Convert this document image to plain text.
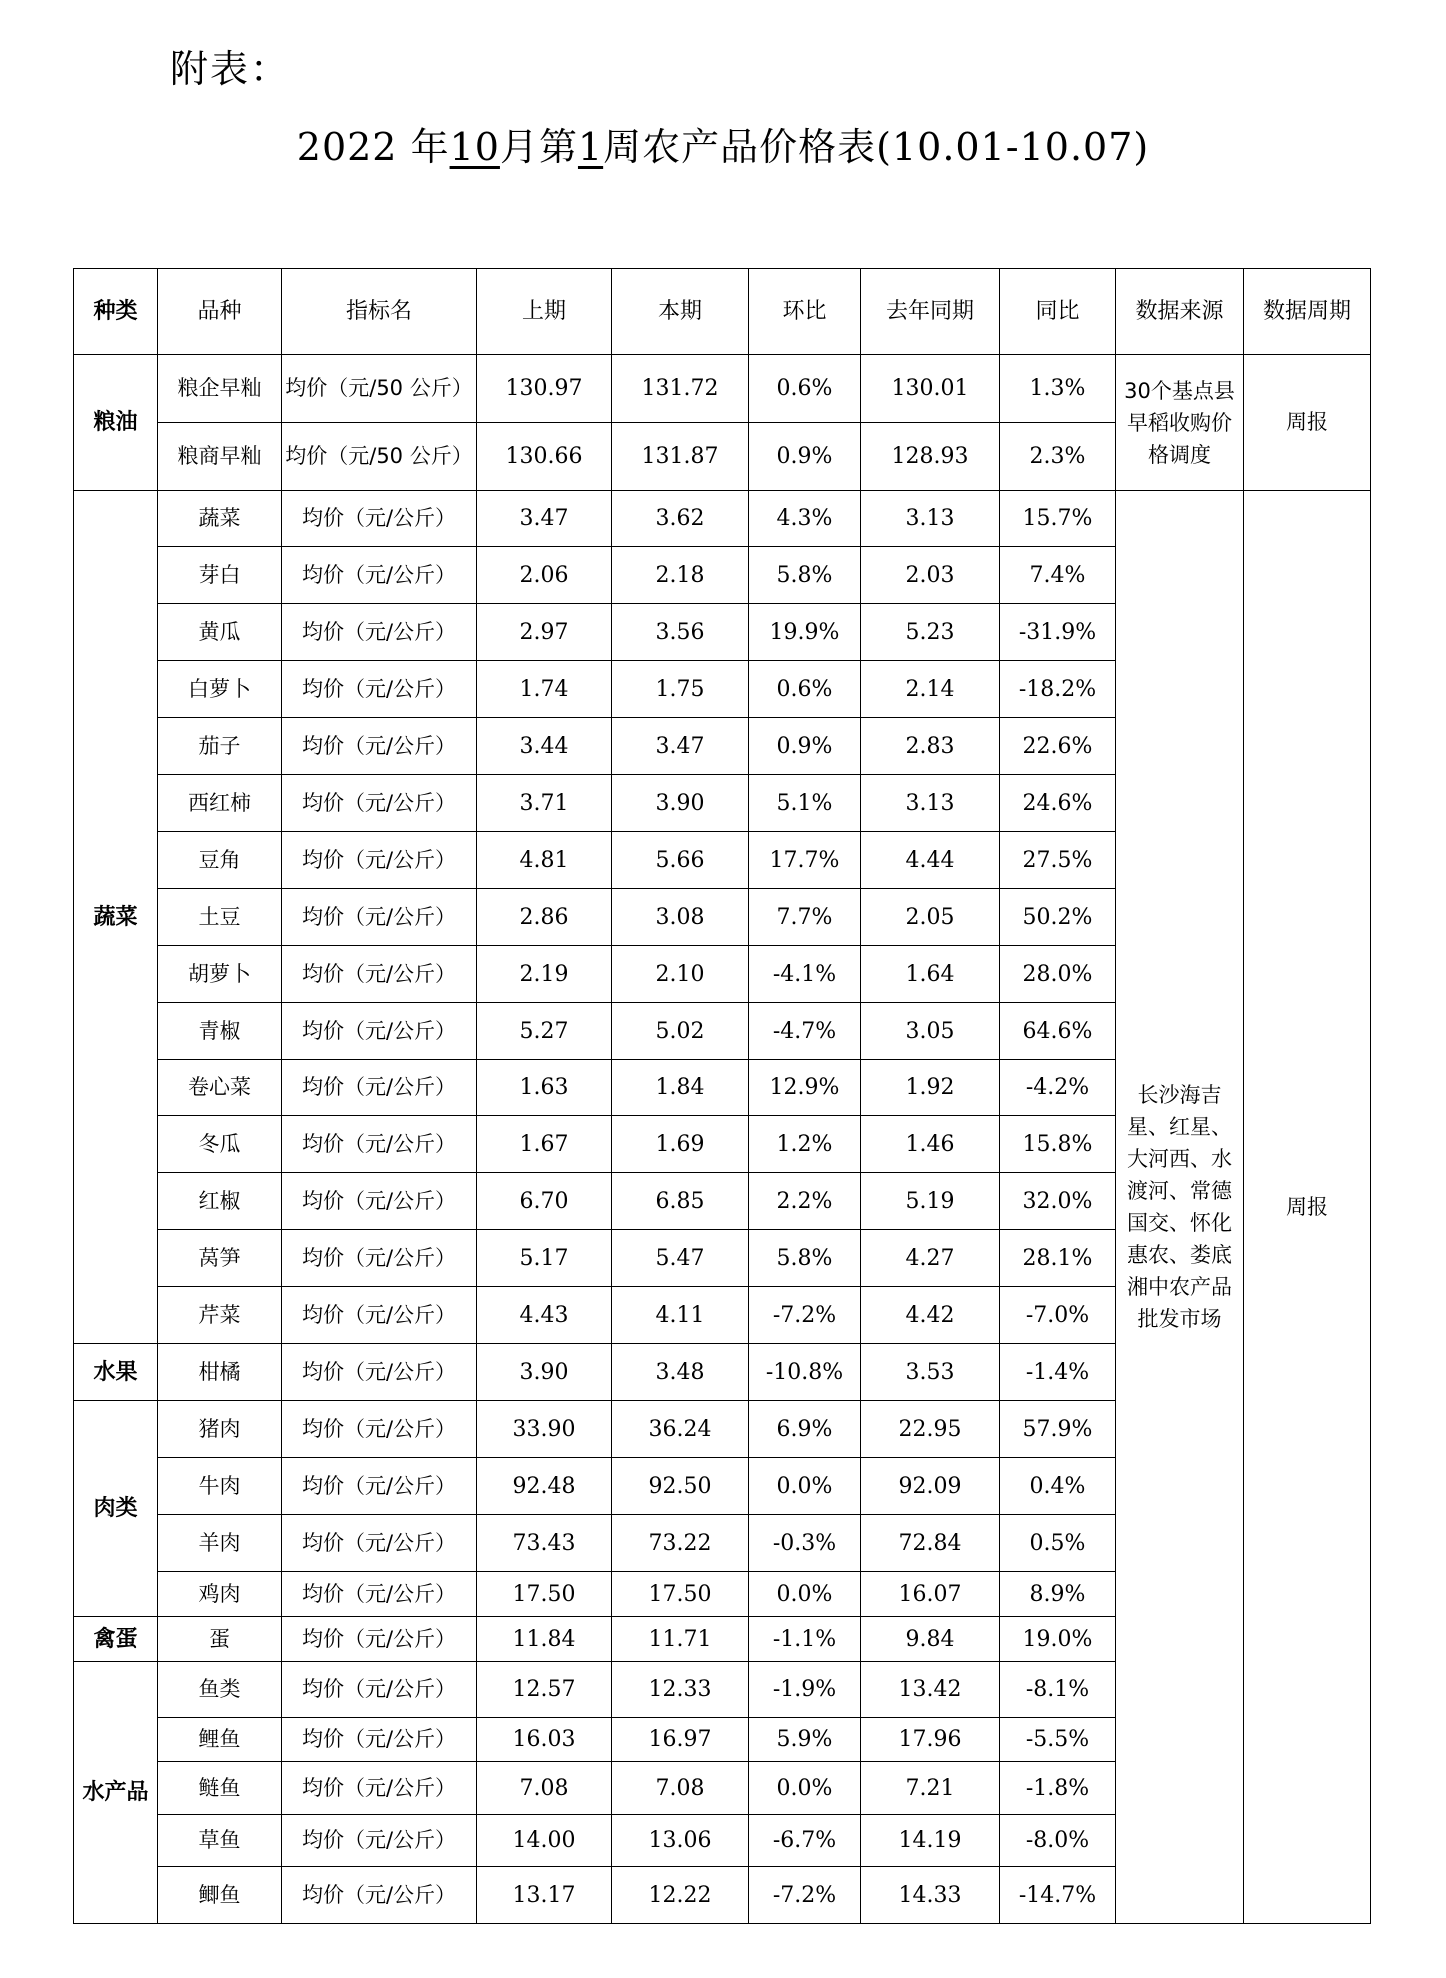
附表：
2022 年10月第1周农产品价格表(10.01-10.07)
种类	品种	指标名	上期	本期	环比	去年同期	同比	数据来源	数据周期
粮油	粮企早籼	均价（元/50 公斤）	130.97	131.72	0.6%	130.01	1.3%	30个基点县早稻收购价格调度	周报
	粮商早籼	均价（元/50 公斤）	130.66	131.87	0.9%	128.93	2.3%		
蔬菜	蔬菜	均价（元/公斤）	3.47	3.62	4.3%	3.13	15.7%	长沙海吉星、红星、大河西、水渡河、常德国交、怀化惠农、娄底湘中农产品批发市场	周报
	芽白	均价（元/公斤）	2.06	2.18	5.8%	2.03	7.4%		
	黄瓜	均价（元/公斤）	2.97	3.56	19.9%	5.23	-31.9%		
	白萝卜	均价（元/公斤）	1.74	1.75	0.6%	2.14	-18.2%		
	茄子	均价（元/公斤）	3.44	3.47	0.9%	2.83	22.6%		
	西红柿	均价（元/公斤）	3.71	3.90	5.1%	3.13	24.6%		
	豆角	均价（元/公斤）	4.81	5.66	17.7%	4.44	27.5%		
	土豆	均价（元/公斤）	2.86	3.08	7.7%	2.05	50.2%		
	胡萝卜	均价（元/公斤）	2.19	2.10	-4.1%	1.64	28.0%		
	青椒	均价（元/公斤）	5.27	5.02	-4.7%	3.05	64.6%		
	卷心菜	均价（元/公斤）	1.63	1.84	12.9%	1.92	-4.2%		
	冬瓜	均价（元/公斤）	1.67	1.69	1.2%	1.46	15.8%		
	红椒	均价（元/公斤）	6.70	6.85	2.2%	5.19	32.0%		
	莴笋	均价（元/公斤）	5.17	5.47	5.8%	4.27	28.1%		
	芹菜	均价（元/公斤）	4.43	4.11	-7.2%	4.42	-7.0%		
水果	柑橘	均价（元/公斤）	3.90	3.48	-10.8%	3.53	-1.4%		
肉类	猪肉	均价（元/公斤）	33.90	36.24	6.9%	22.95	57.9%		
	牛肉	均价（元/公斤）	92.48	92.50	0.0%	92.09	0.4%		
	羊肉	均价（元/公斤）	73.43	73.22	-0.3%	72.84	0.5%		
	鸡肉	均价（元/公斤）	17.50	17.50	0.0%	16.07	8.9%		
禽蛋	蛋	均价（元/公斤）	11.84	11.71	-1.1%	9.84	19.0%		
水产品	鱼类	均价（元/公斤）	12.57	12.33	-1.9%	13.42	-8.1%		
	鲤鱼	均价（元/公斤）	16.03	16.97	5.9%	17.96	-5.5%		
	鲢鱼	均价（元/公斤）	7.08	7.08	0.0%	7.21	-1.8%		
	草鱼	均价（元/公斤）	14.00	13.06	-6.7%	14.19	-8.0%		
	鲫鱼	均价（元/公斤）	13.17	12.22	-7.2%	14.33	-14.7%		
